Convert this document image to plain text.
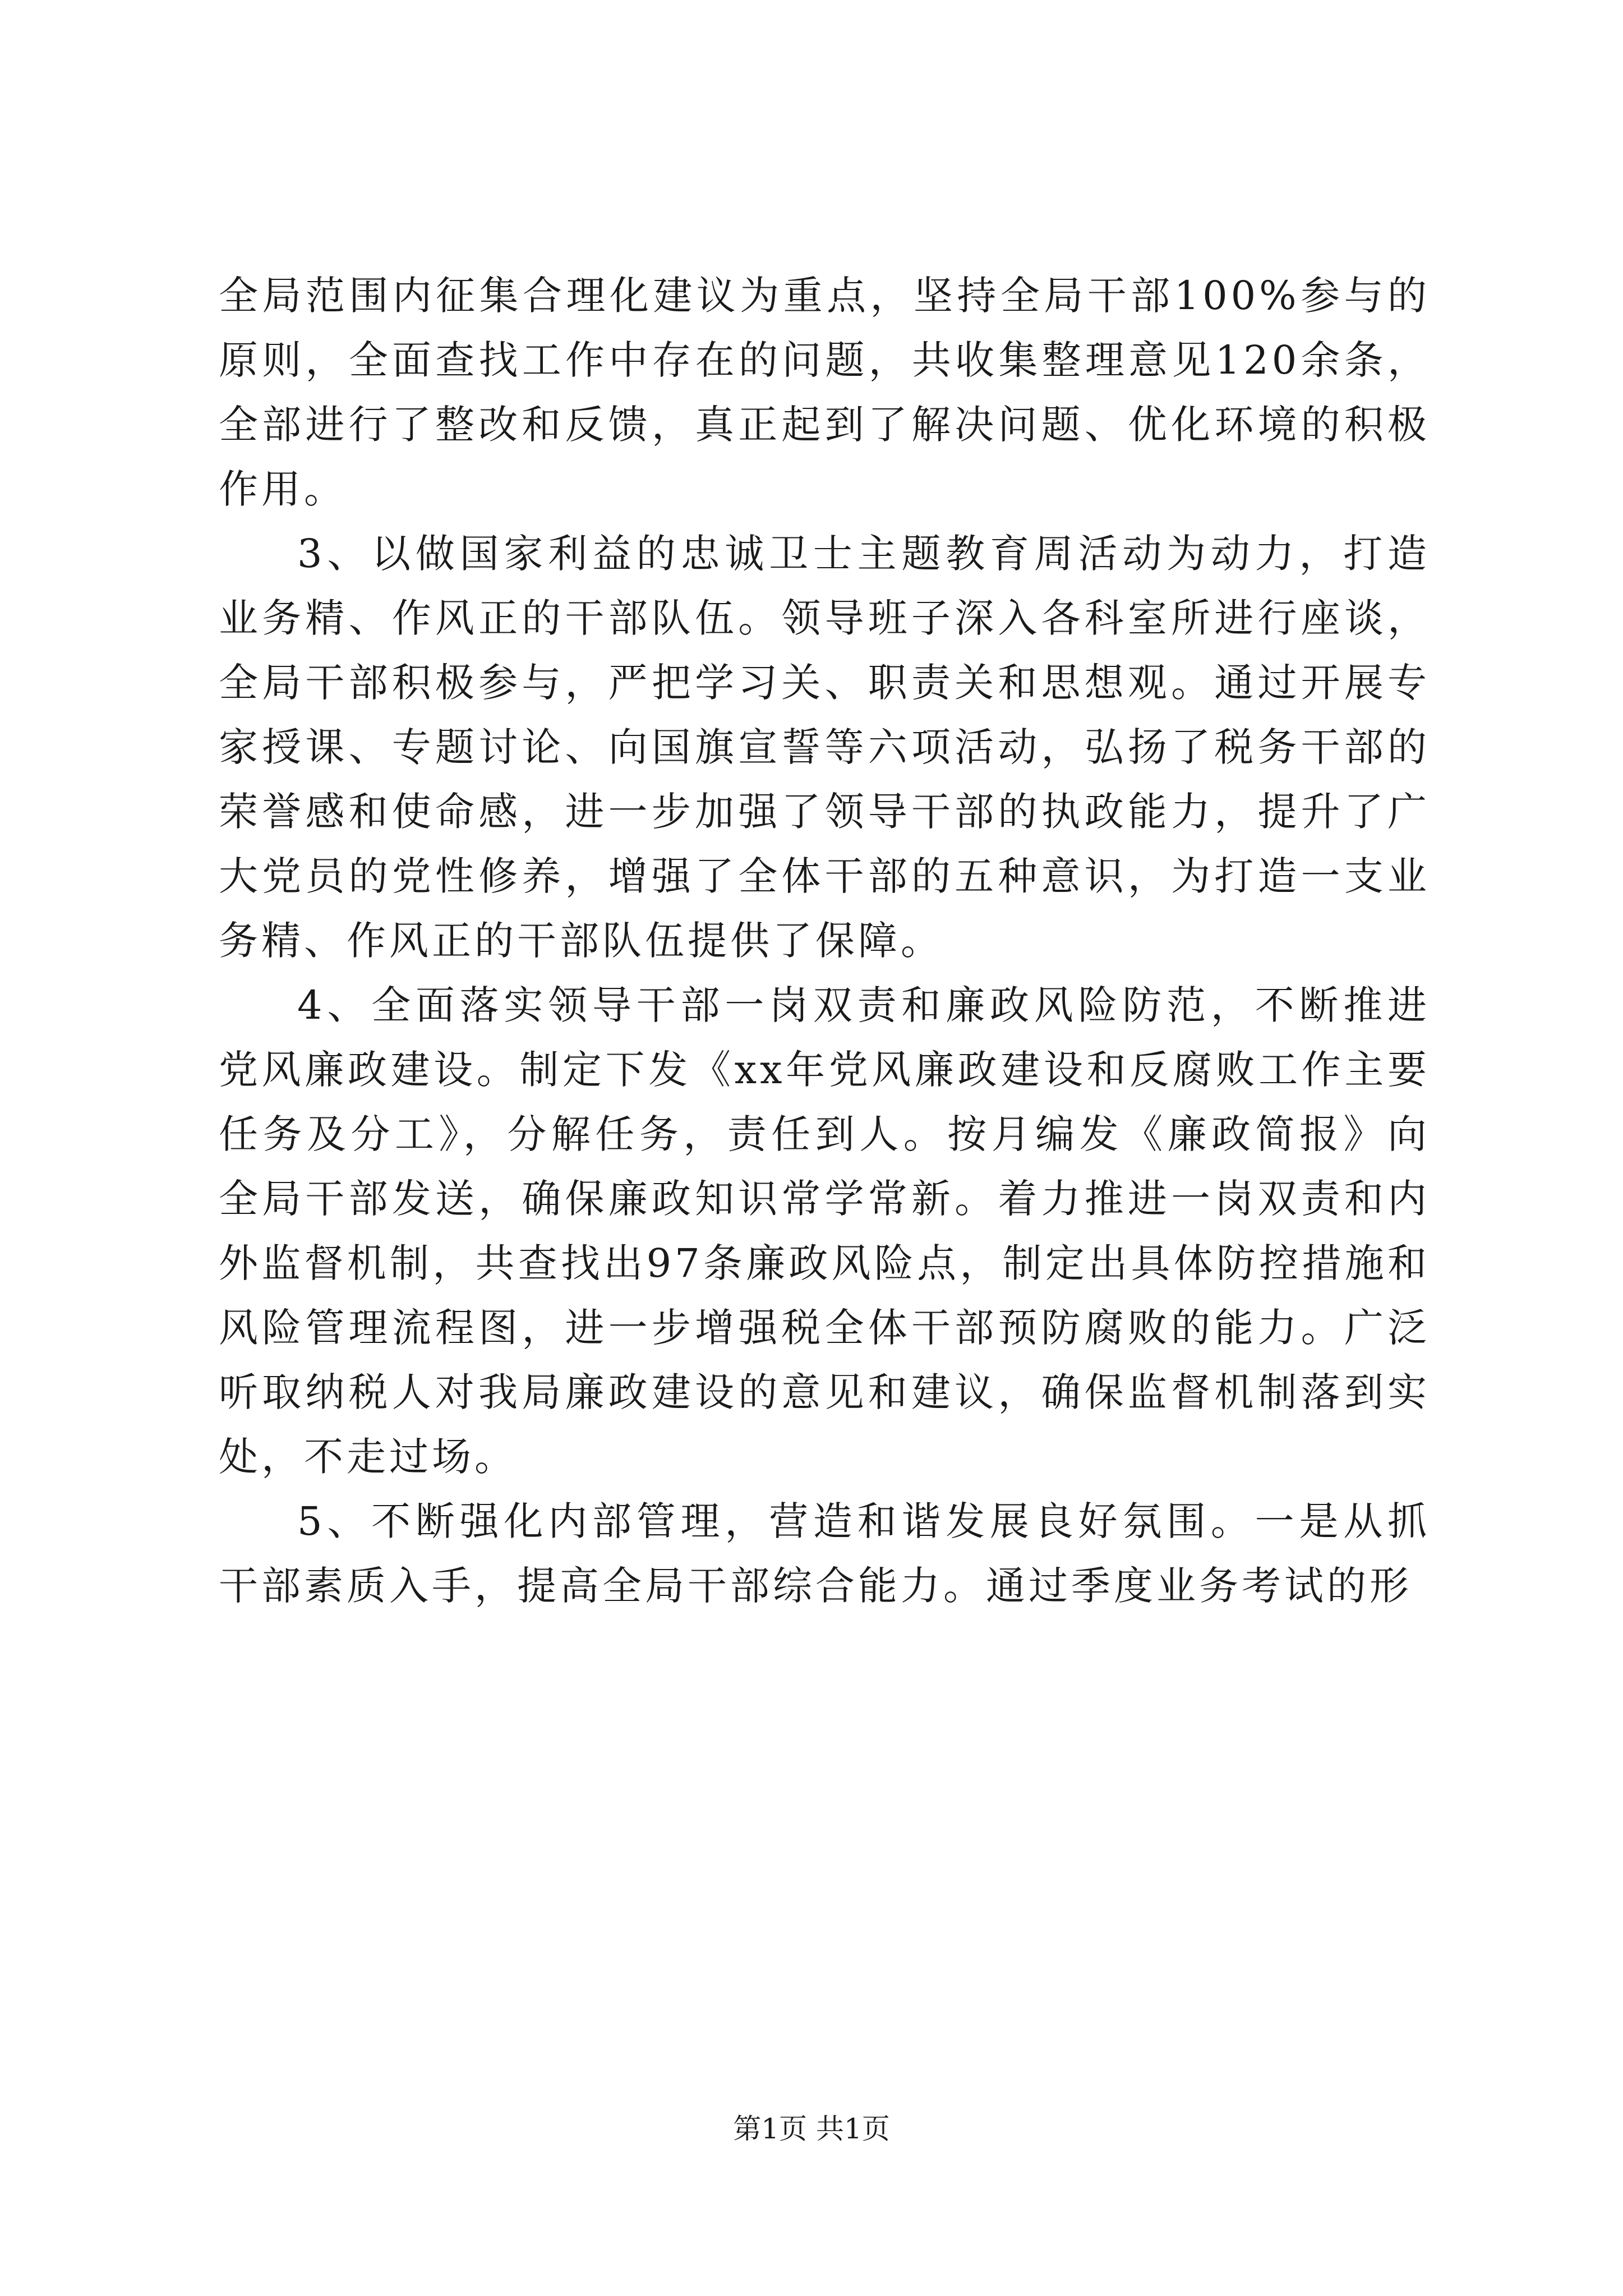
全局范围内征集合理化建议为重点，坚持全局干部100%参与的原则，全面查找工作中存在的问题，共收集整理意见120余条，全部进行了整改和反馈，真正起到了解决问题、优化环境的积极作用。

3、以做国家利益的忠诚卫士主题教育周活动为动力，打造业务精、作风正的干部队伍。领导班子深入各科室所进行座谈，全局干部积极参与，严把学习关、职责关和思想观。通过开展专家授课、专题讨论、向国旗宣誓等六项活动，弘扬了税务干部的荣誉感和使命感，进一步加强了领导干部的执政能力，提升了广大党员的党性修养，增强了全体干部的五种意识，为打造一支业务精、作风正的干部队伍提供了保障。

4、全面落实领导干部一岗双责和廉政风险防范，不断推进党风廉政建设。制定下发《xx年党风廉政建设和反腐败工作主要任务及分工》，分解任务，责任到人。按月编发《廉政简报》向全局干部发送，确保廉政知识常学常新。着力推进一岗双责和内外监督机制，共查找出97条廉政风险点，制定出具体防控措施和风险管理流程图，进一步增强税全体干部预防腐败的能力。广泛听取纳税人对我局廉政建设的意见和建议，确保监督机制落到实处，不走过场。

5、不断强化内部管理，营造和谐发展良好氛围。一是从抓干部素质入手，提高全局干部综合能力。通过季度业务考试的形

第1页 共1页
